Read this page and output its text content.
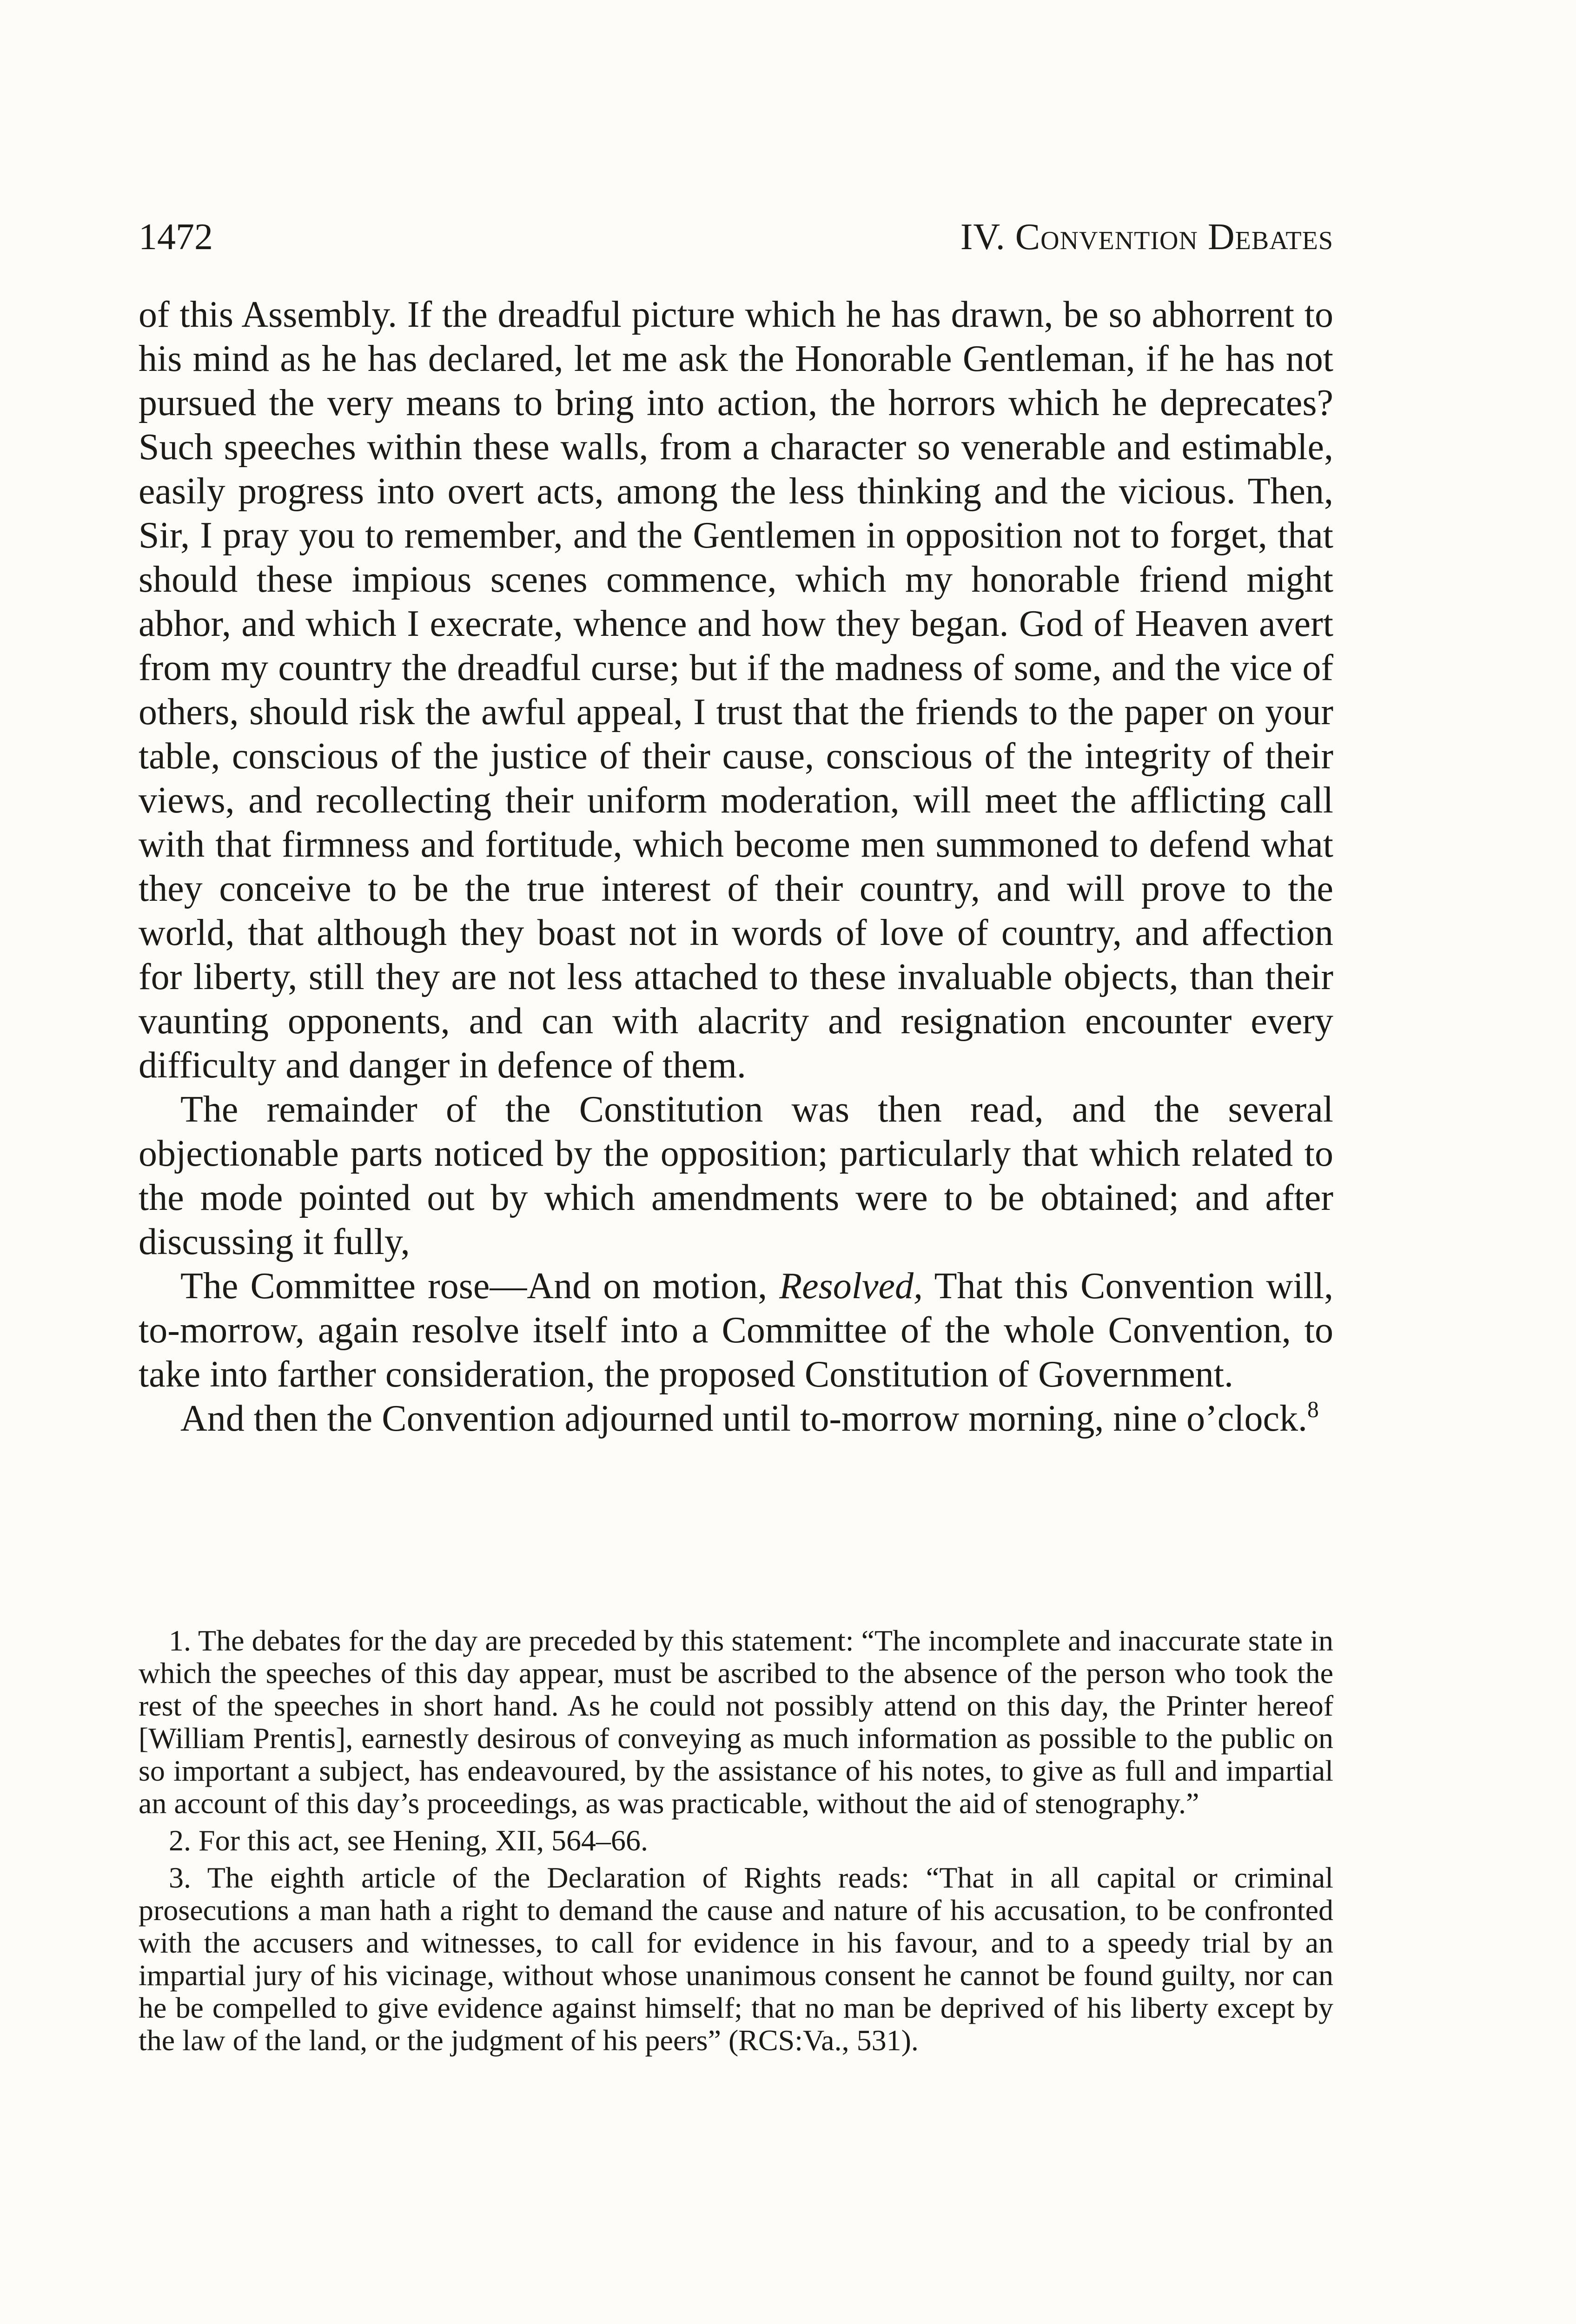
1472	IV. Convention Debates

of this Assembly. If the dreadful picture which he has drawn, be so abhorrent to his mind as he has declared, let me ask the Honorable Gentleman, if he has not pursued the very means to bring into action, the horrors which he deprecates? Such speeches within these walls, from a character so venerable and estimable, easily progress into overt acts, among the less thinking and the vicious. Then, Sir, I pray you to remember, and the Gentlemen in opposition not to forget, that should these impious scenes commence, which my honorable friend might abhor, and which I execrate, whence and how they began. God of Heaven avert from my country the dreadful curse; but if the madness of some, and the vice of others, should risk the awful appeal, I trust that the friends to the paper on your table, conscious of the justice of their cause, conscious of the integrity of their views, and recollecting their uniform moderation, will meet the afflicting call with that firmness and fortitude, which become men summoned to defend what they conceive to be the true interest of their country, and will prove to the world, that although they boast not in words of love of country, and affection for liberty, still they are not less attached to these invaluable objects, than their vaunting opponents, and can with alacrity and resignation encounter every difficulty and danger in defence of them.

The remainder of the Constitution was then read, and the several objectionable parts noticed by the opposition; particularly that which related to the mode pointed out by which amendments were to be obtained; and after discussing it fully,

The Committee rose—And on motion, Resolved, That this Convention will, to-morrow, again resolve itself into a Committee of the whole Convention, to take into farther consideration, the proposed Constitution of Government.

And then the Convention adjourned until to-morrow morning, nine o’clock.$^8$

1. The debates for the day are preceded by this statement: “The incomplete and inaccurate state in which the speeches of this day appear, must be ascribed to the absence of the person who took the rest of the speeches in short hand. As he could not possibly attend on this day, the Printer hereof [William Prentis], earnestly desirous of conveying as much information as possible to the public on so important a subject, has endeavoured, by the assistance of his notes, to give as full and impartial an account of this day’s proceedings, as was practicable, without the aid of stenography.”

2. For this act, see Hening, XII, 564–66.

3. The eighth article of the Declaration of Rights reads: “That in all capital or criminal prosecutions a man hath a right to demand the cause and nature of his accusation, to be confronted with the accusers and witnesses, to call for evidence in his favour, and to a speedy trial by an impartial jury of his vicinage, without whose unanimous consent he cannot be found guilty, nor can he be compelled to give evidence against himself; that no man be deprived of his liberty except by the law of the land, or the judgment of his peers” (RCS:Va., 531).
